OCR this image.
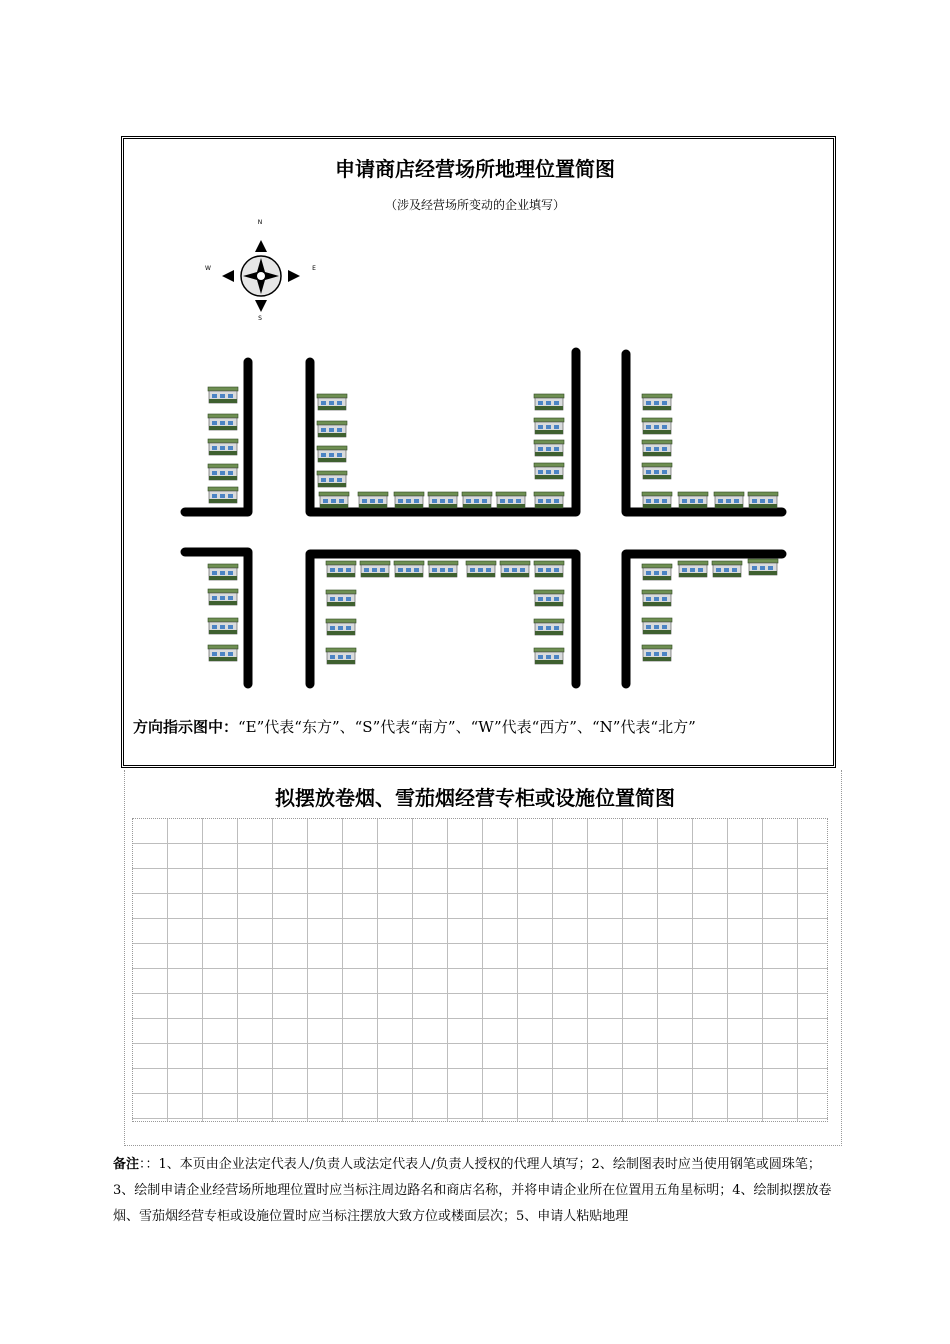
申请商店经营场所地理位置简图
（涉及经营场所变动的企业填写）
N
S
E
W
方向指示图中：“E”代表“东方”、“S”代表“南方”、“W”代表“西方”、“N”代表“北方”
拟摆放卷烟、雪茄烟经营专柜或设施位置简图
备注：：1、本页由企业法定代表人/负责人或法定代表人/负责人授权的代理人填写；2、绘制图表时应当使用钢笔或圆珠笔；3、绘制申请企业经营场所地理位置时应当标注周边路名和商店名称，并将申请企业所在位置用五角星标明；4、绘制拟摆放卷烟、雪茄烟经营专柜或设施位置时应当标注摆放大致方位或楼面层次；5、申请人粘贴地理
